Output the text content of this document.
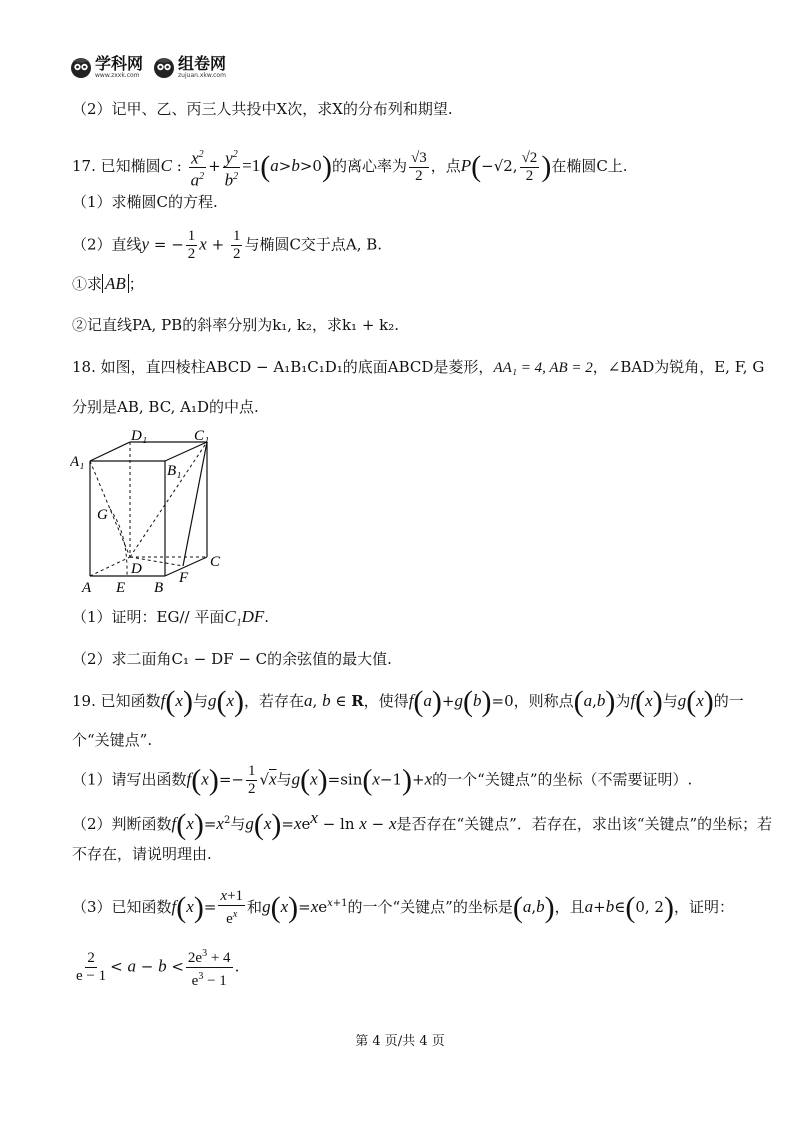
学科网
www.zxxk.com
组卷网
zujuan.xkw.com
（2）记甲、乙、丙三人共投中X次，求X的分布列和期望.
17. 已知椭圆C : $\frac{x^2}{a^2} + \frac{y^2}{b^2} =1(a>b>0)$的离心率为 $\frac{√3}{2}$ ，点P(−√2, $\frac{√2}{2}$ )在椭圆C上.
（1）求椭圆C的方程.
（2）直线y = − $\frac{1}{2}$ $x + \frac{1}{2}$ 与椭圆C交于点A, B.
①求 AB ；
②记直线PA, PB的斜率分别为k₁, k₂，求k₁ + k₂.
18. 如图，直四棱柱ABCD − A₁B₁C₁D₁的底面ABCD是菱形，AA₁ = 4, AB = 2，∠BAD为锐角，E, F, G
分别是AB, BC, A₁D的中点.
D₁	C₁
A₁
B₁
G
D	C
A E B
F
（1）证明：EG// 平面C₁DF.
（2）求二面角C₁ − DF − C的余弦值的最大值.
19. 已知函数f(x)与g(x)，若存在a, b ∈ R，使得f(a)+g(b)=0，则称点(a,b)为f(x)与g(x)的一
个“关键点”.
（1）请写出函数$f(x)=- \frac{1}{2} √x$与g(x)=sin(x−1)+x的一个“关键点”的坐标（不需要证明）.
（2）判断函数$f(x)=x^2$与$g(x)=xe^x - \ln x - x$是否存在“关键点”．若存在，求出该“关键点”的坐标；若
不存在，请说明理由.
（3）已知函数$f(x)= \frac{x+1}{e^x}$ 和$g(x)=xe^{x+1}$的一个“关键点”的坐标是(a,b)，且a+b∈(0, 2)，证明：
$\frac{2}{e - 1} < a - b < \frac{2e^3 + 4}{e^3 - 1}$ .
第 4 页/共 4 页
